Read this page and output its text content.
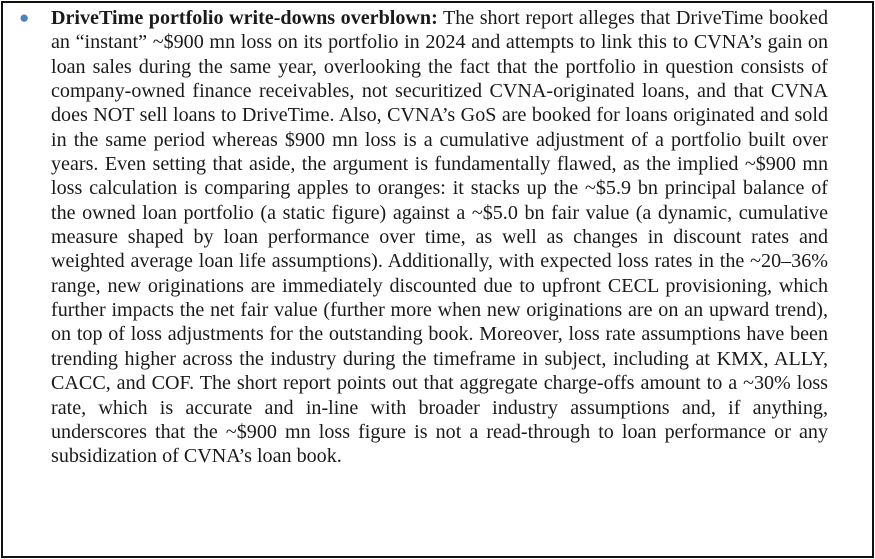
● DriveTime portfolio write-downs overblown: The short report alleges that DriveTime booked an “instant” ~$900 mn loss on its portfolio in 2024 and attempts to link this to CVNA’s gain on loan sales during the same year, overlooking the fact that the portfolio in question consists of company-owned finance receivables, not securitized CVNA-originated loans, and that CVNA does NOT sell loans to DriveTime. Also, CVNA’s GoS are booked for loans originated and sold in the same period whereas $900 mn loss is a cumulative adjustment of a portfolio built over years. Even setting that aside, the argument is fundamentally flawed, as the implied ~$900 mn loss calculation is comparing apples to oranges: it stacks up the ~$5.9 bn principal balance of the owned loan portfolio (a static figure) against a ~$5.0 bn fair value (a dynamic, cumulative measure shaped by loan performance over time, as well as changes in discount rates and weighted average loan life assumptions). Additionally, with expected loss rates in the ~20–36% range, new originations are immediately discounted due to upfront CECL provisioning, which further impacts the net fair value (further more when new originations are on an upward trend), on top of loss adjustments for the outstanding book. Moreover, loss rate assumptions have been trending higher across the industry during the timeframe in subject, including at KMX, ALLY, CACC, and COF. The short report points out that aggregate charge-offs amount to a ~30% loss rate, which is accurate and in-line with broader industry assumptions and, if anything, underscores that the ~$900 mn loss figure is not a read-through to loan performance or any subsidization of CVNA’s loan book.
